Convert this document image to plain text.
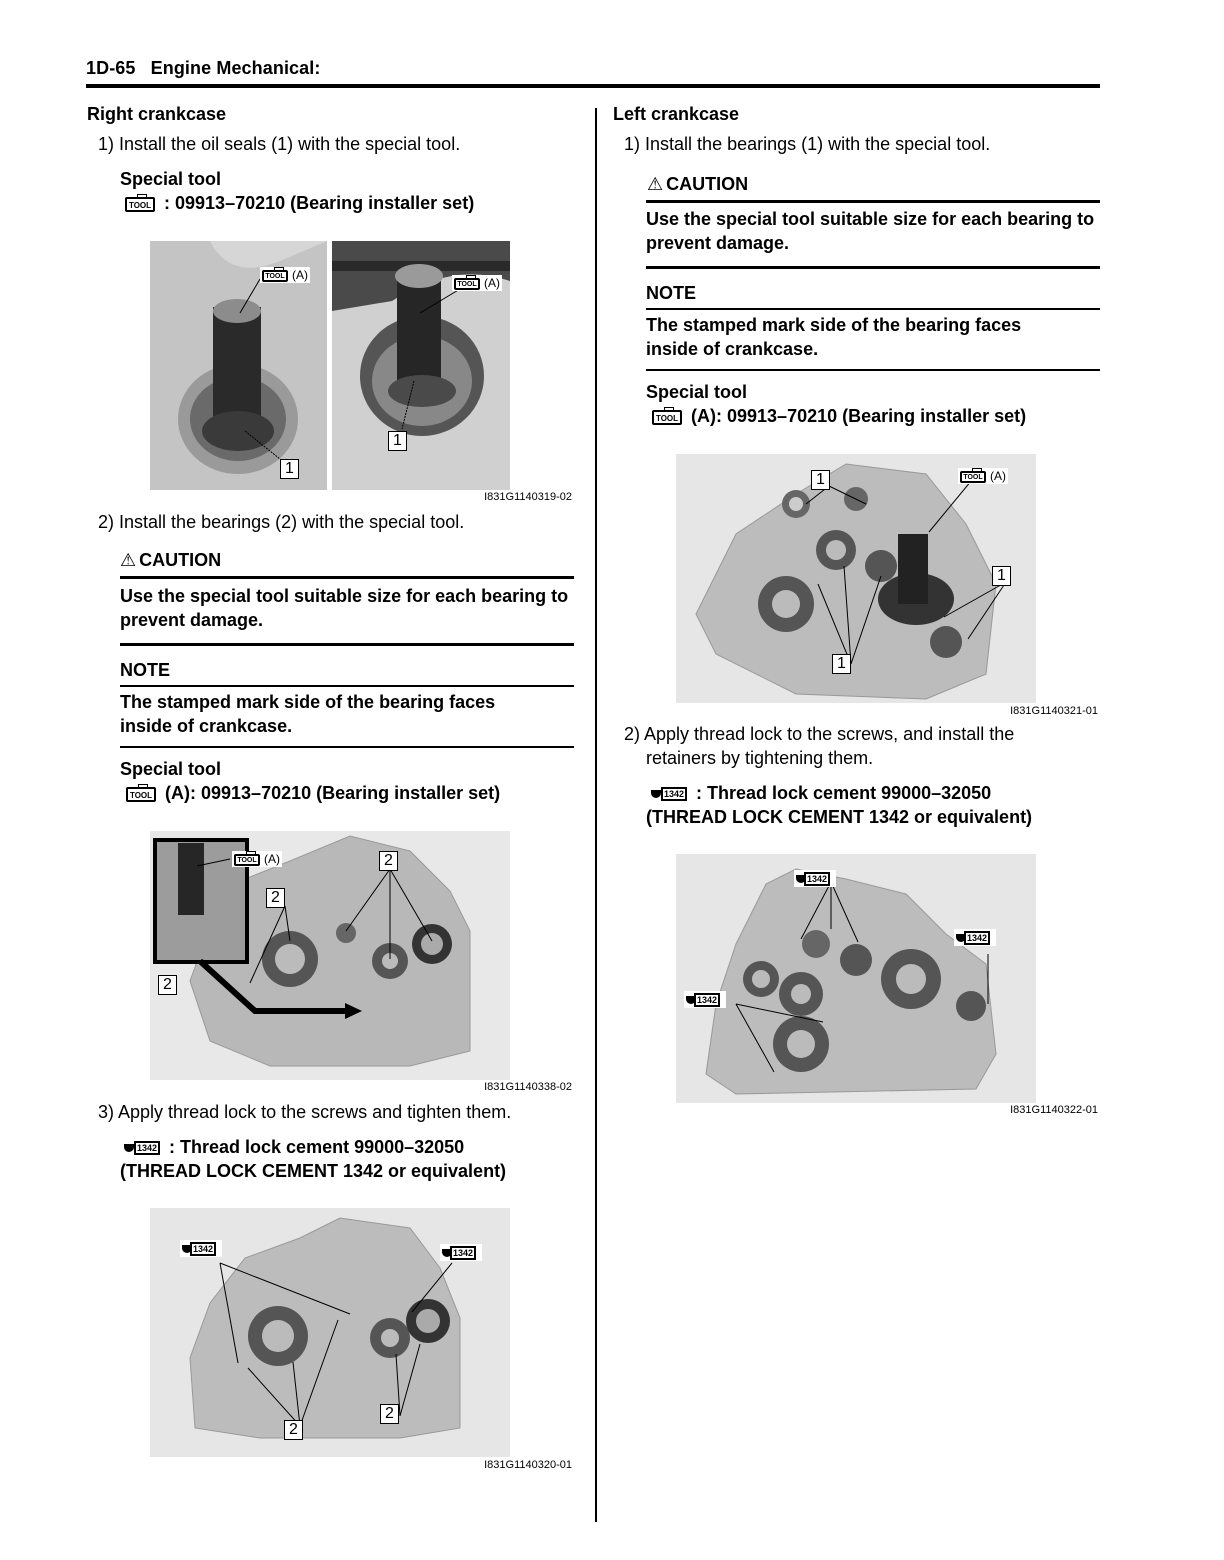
1D-65 Engine Mechanical:
Right crankcase
1) Install the oil seals (1) with the special tool.
Special tool
TOOL : 09913–70210 (Bearing installer set)
TOOL (A)
1
TOOL (A)
1
I831G1140319-02
2) Install the bearings (2) with the special tool.
⚠ CAUTION
Use the special tool suitable size for each bearing to prevent damage.
NOTE
The stamped mark side of the bearing faces inside of crankcase.
Special tool
TOOL (A): 09913–70210 (Bearing installer set)
TOOL (A)
2
2
2
I831G1140338-02
3) Apply thread lock to the screws and tighten them.
1342 : Thread lock cement 99000–32050
(THREAD LOCK CEMENT 1342 or equivalent)
1342	1342
2
2
I831G1140320-01
Left crankcase
1) Install the bearings (1) with the special tool.
⚠ CAUTION
Use the special tool suitable size for each bearing to prevent damage.
NOTE
The stamped mark side of the bearing faces inside of crankcase.
Special tool
TOOL (A): 09913–70210 (Bearing installer set)
1	TOOL (A)
1
1
I831G1140321-01
2) Apply thread lock to the screws, and install the
retainers by tightening them.
1342 : Thread lock cement 99000–32050
(THREAD LOCK CEMENT 1342 or equivalent)
1342
1342
1342
I831G1140322-01
